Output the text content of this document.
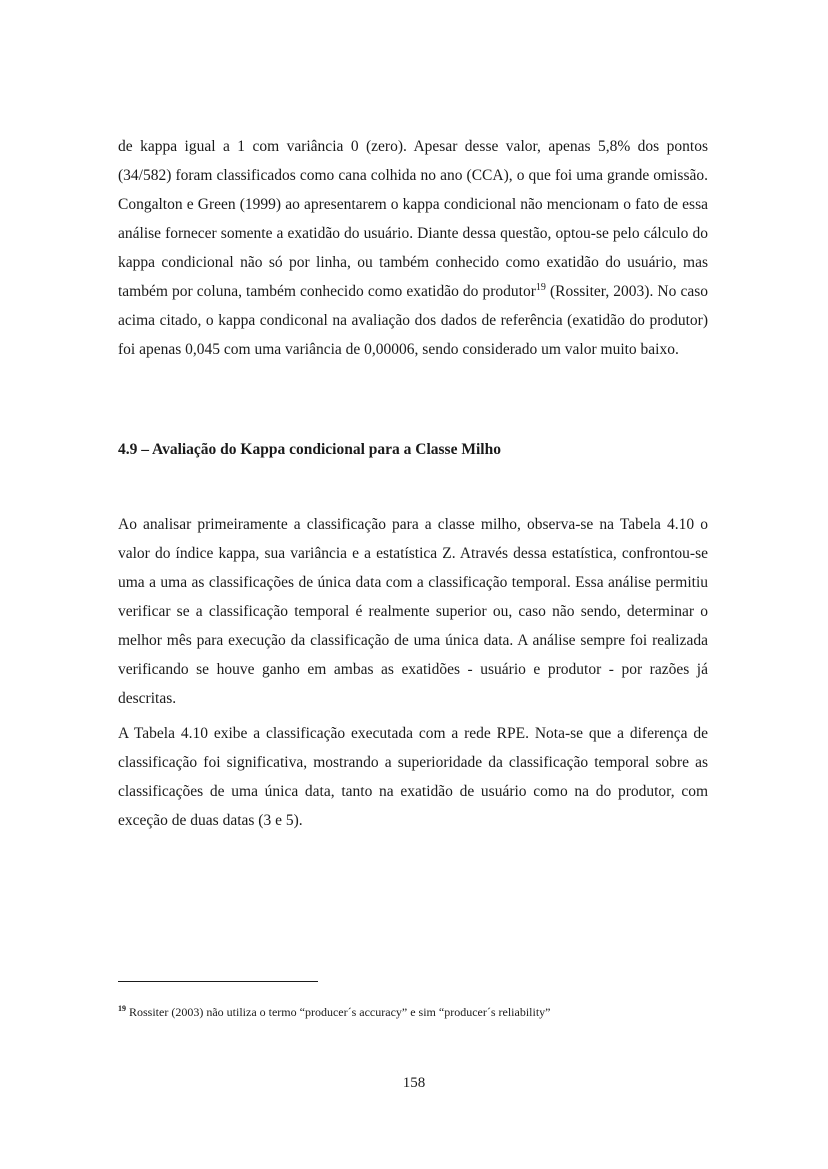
de kappa igual a 1 com variância 0 (zero). Apesar desse valor, apenas 5,8% dos pontos (34/582) foram classificados como cana colhida no ano (CCA), o que foi uma grande omissão. Congalton e Green (1999) ao apresentarem o kappa condicional não mencionam o fato de essa análise fornecer somente a exatidão do usuário. Diante dessa questão, optou-se pelo cálculo do kappa condicional não só por linha, ou também conhecido como exatidão do usuário, mas também por coluna, também conhecido como exatidão do produtor$^{19}$ (Rossiter, 2003). No caso acima citado, o kappa condiconal na avaliação dos dados de referência (exatidão do produtor) foi apenas 0,045 com uma variância de 0,00006, sendo considerado um valor muito baixo.

4.9 – Avaliação do Kappa condicional para a Classe Milho

Ao analisar primeiramente a classificação para a classe milho, observa-se na Tabela 4.10 o valor do índice kappa, sua variância e a estatística Z. Através dessa estatística, confrontou-se uma a uma as classificações de única data com a classificação temporal. Essa análise permitiu verificar se a classificação temporal é realmente superior ou, caso não sendo, determinar o melhor mês para execução da classificação de uma única data. A análise sempre foi realizada verificando se houve ganho em ambas as exatidões - usuário e produtor - por razões já descritas.

A Tabela 4.10 exibe a classificação executada com a rede RPE. Nota-se que a diferença de classificação foi significativa, mostrando a superioridade da classificação temporal sobre as classificações de uma única data, tanto na exatidão de usuário como na do produtor, com exceção de duas datas (3 e 5).

$^{19}$ Rossiter (2003) não utiliza o termo “producer´s accuracy” e sim “producer´s reliability”

158
